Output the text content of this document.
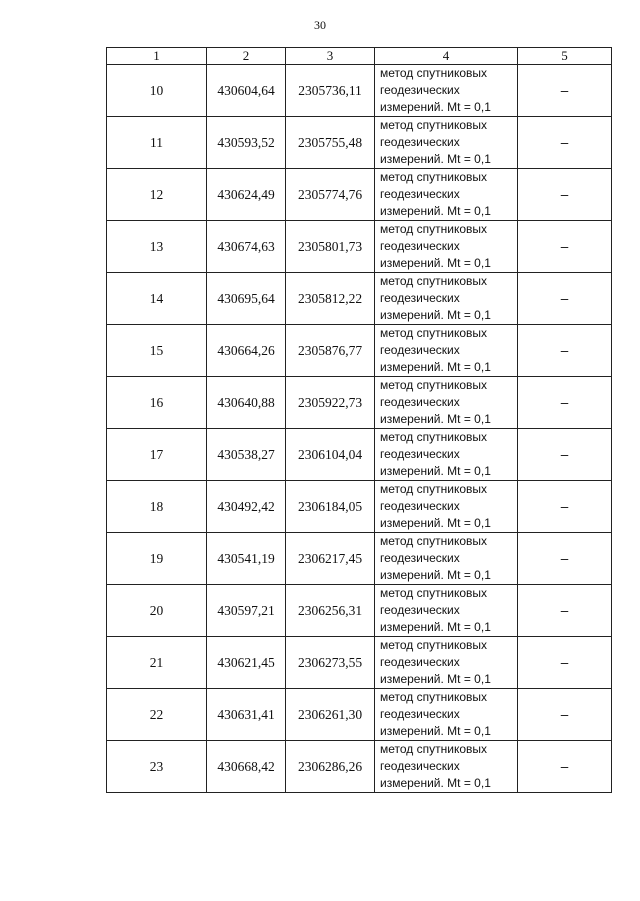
30
1	2	3	4	5
10	430604,64	2305736,11	метод спутниковых
геодезических
измерений. Mt = 0,1	–
11	430593,52	2305755,48	метод спутниковых
геодезических
измерений. Mt = 0,1	–
12	430624,49	2305774,76	метод спутниковых
геодезических
измерений. Mt = 0,1	–
13	430674,63	2305801,73	метод спутниковых
геодезических
измерений. Mt = 0,1	–
14	430695,64	2305812,22	метод спутниковых
геодезических
измерений. Mt = 0,1	–
15	430664,26	2305876,77	метод спутниковых
геодезических
измерений. Mt = 0,1	–
16	430640,88	2305922,73	метод спутниковых
геодезических
измерений. Mt = 0,1	–
17	430538,27	2306104,04	метод спутниковых
геодезических
измерений. Mt = 0,1	–
18	430492,42	2306184,05	метод спутниковых
геодезических
измерений. Mt = 0,1	–
19	430541,19	2306217,45	метод спутниковых
геодезических
измерений. Mt = 0,1	–
20	430597,21	2306256,31	метод спутниковых
геодезических
измерений. Mt = 0,1	–
21	430621,45	2306273,55	метод спутниковых
геодезических
измерений. Mt = 0,1	–
22	430631,41	2306261,30	метод спутниковых
геодезических
измерений. Mt = 0,1	–
23	430668,42	2306286,26	метод спутниковых
геодезических
измерений. Mt = 0,1	–
